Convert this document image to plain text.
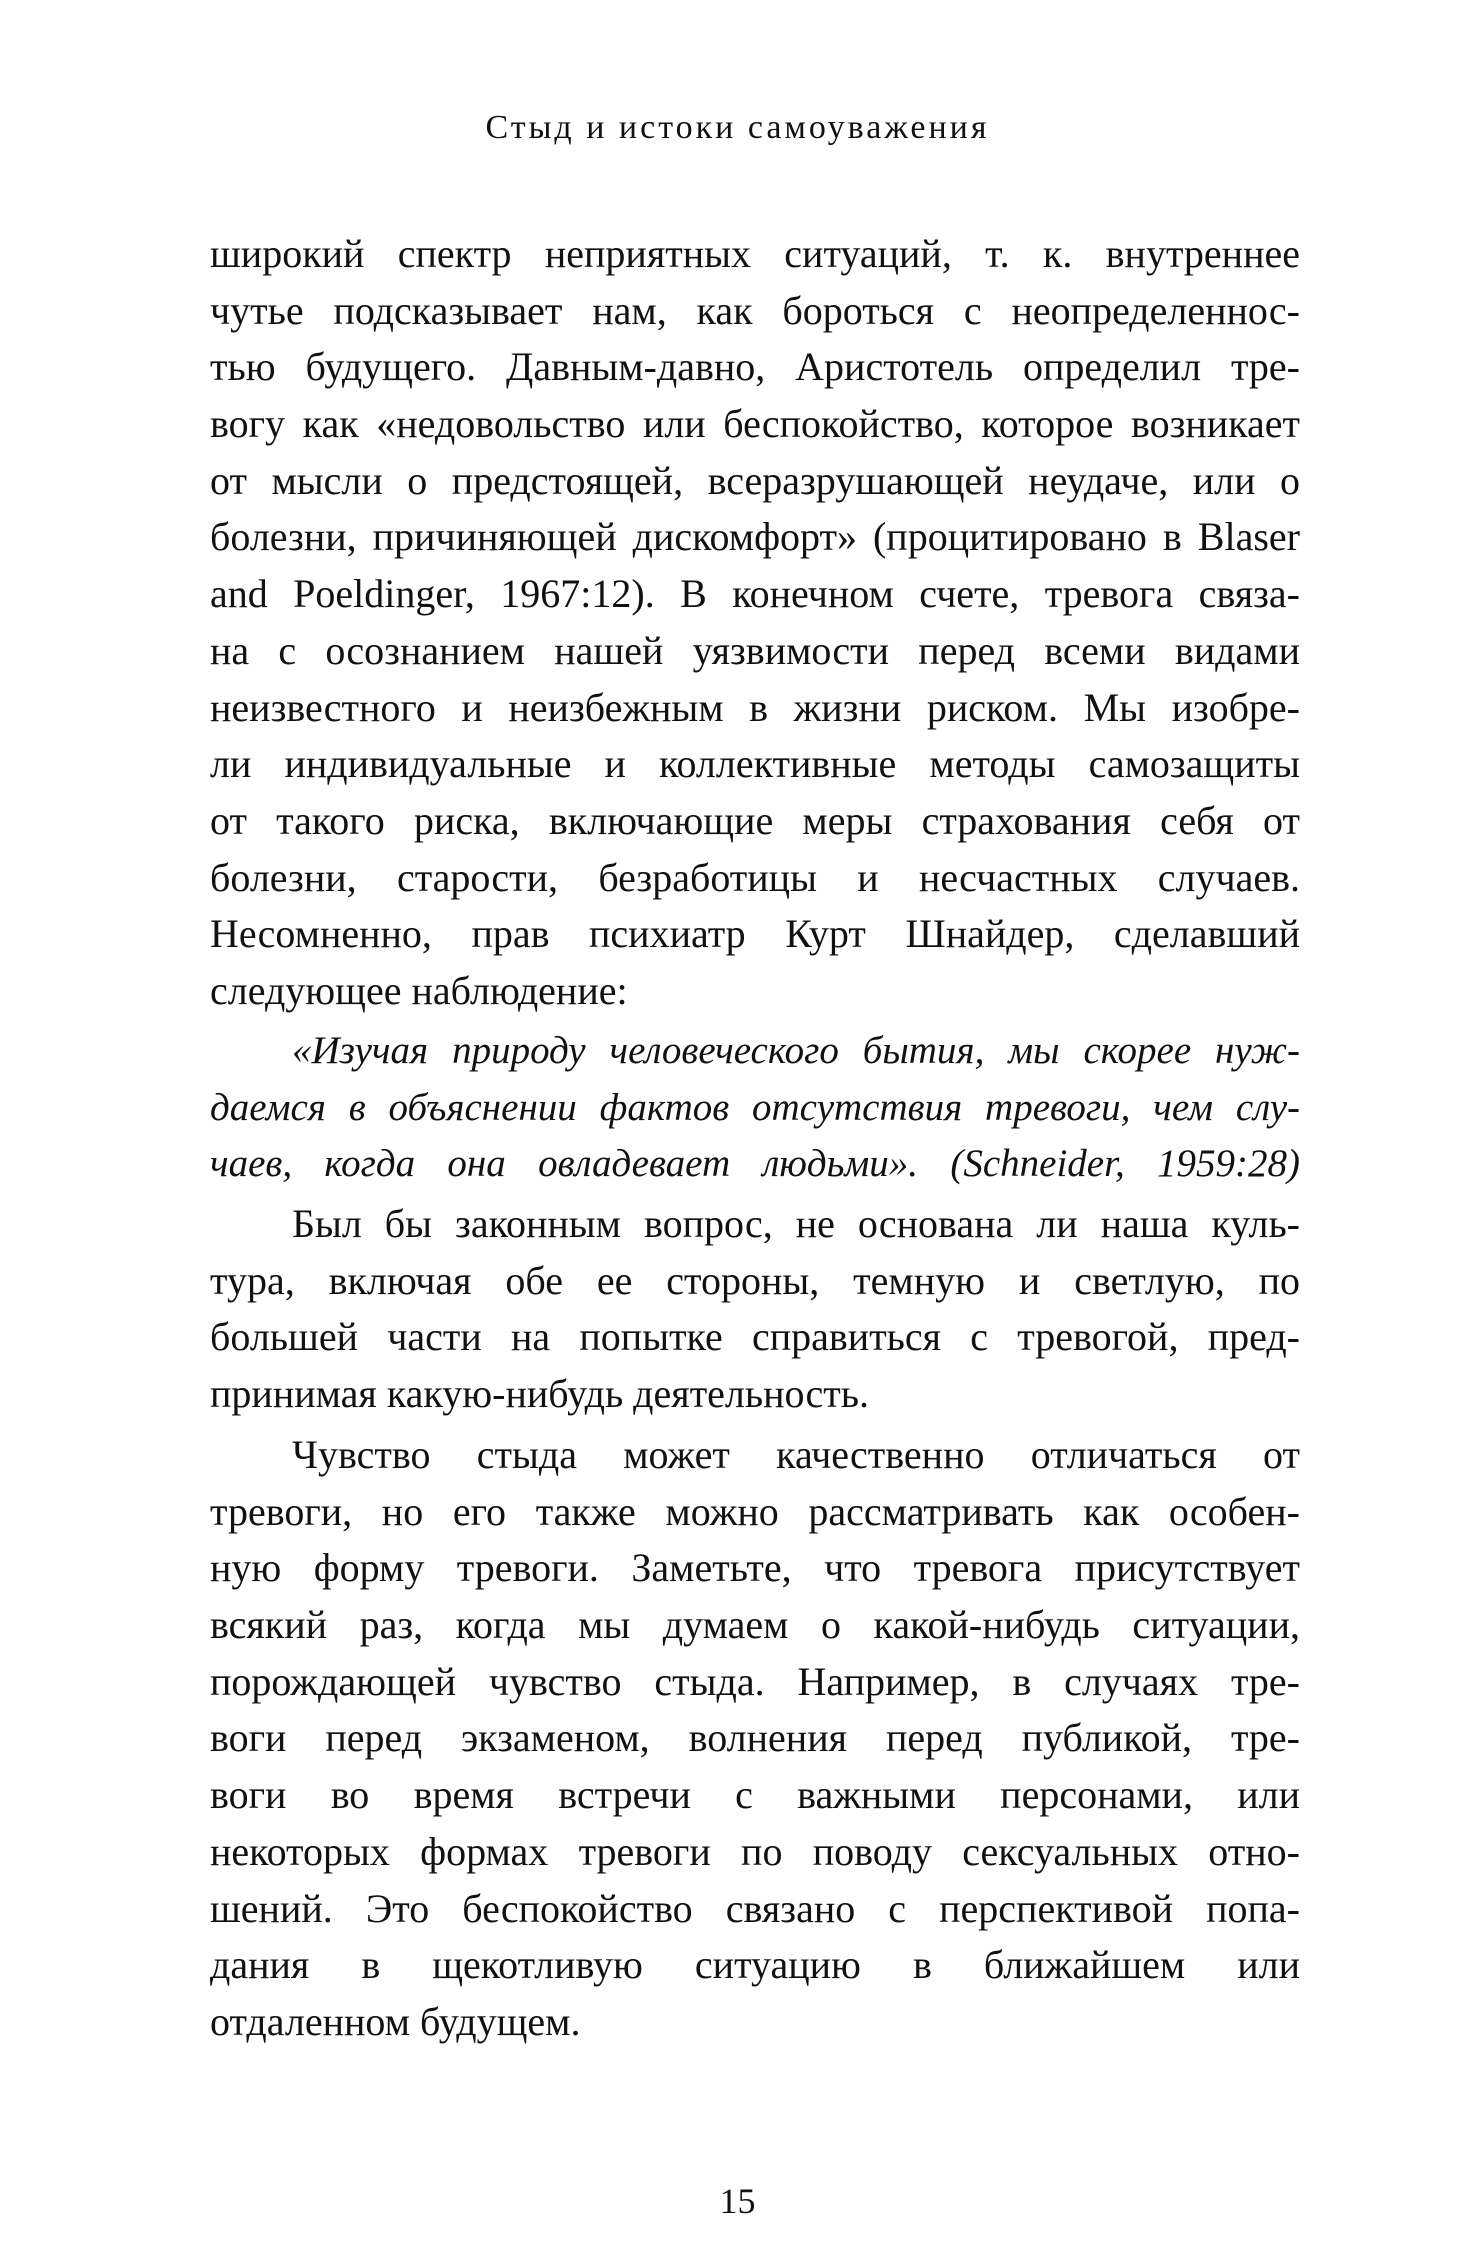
Стыд и истоки самоуважения
широкий спектр неприятных ситуаций, т. к. внутреннее
чутье подсказывает нам, как бороться с неопределеннос-
тью будущего. Давным-давно, Аристотель определил тре-
вогу как «недовольство или беспокойство, которое возникает
от мысли о предстоящей, всеразрушающей неудаче, или о
болезни, причиняющей дискомфорт» (процитировано в Blaser
and Poeldinger, 1967:12). В конечном счете, тревога связа-
на с осознанием нашей уязвимости перед всеми видами
неизвестного и неизбежным в жизни риском. Мы изобре-
ли индивидуальные и коллективные методы самозащиты
от такого риска, включающие меры страхования себя от
болезни, старости, безработицы и несчастных случаев.
Несомненно, прав психиатр Курт Шнайдер, сделавший
следующее наблюдение:
«Изучая природу человеческого бытия, мы скорее нуж-
даемся в объяснении фактов отсутствия тревоги, чем слу-
чаев, когда она овладевает людьми». (Schneider, 1959:28)
Был бы законным вопрос, не основана ли наша куль-
тура, включая обе ее стороны, темную и светлую, по
большей части на попытке справиться с тревогой, пред-
принимая какую-нибудь деятельность.
Чувство стыда может качественно отличаться от
тревоги, но его также можно рассматривать как особен-
ную форму тревоги. Заметьте, что тревога присутствует
всякий раз, когда мы думаем о какой-нибудь ситуации,
порождающей чувство стыда. Например, в случаях тре-
воги перед экзаменом, волнения перед публикой, тре-
воги во время встречи с важными персонами, или
некоторых формах тревоги по поводу сексуальных отно-
шений. Это беспокойство связано с перспективой попа-
дания в щекотливую ситуацию в ближайшем или
отдаленном будущем.
15
